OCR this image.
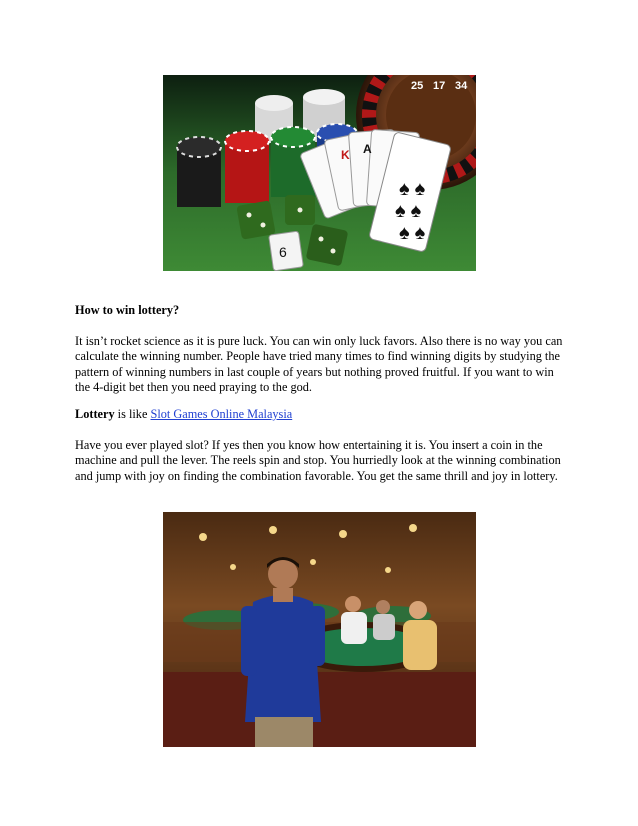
25 17 34
♠ ♠
♠ ♠
♠ ♠
K A
6
How to win lottery?

It isn’t rocket science as it is pure luck. You can win only luck favors. Also there is no way you can calculate the winning number. People have tried many times to find winning digits by studying the pattern of winning numbers in last couple of years but nothing proved fruitful. If you want to win the 4-digit bet then you need praying to the god.

Lottery is like Slot Games Online Malaysia

Have you ever played slot? If yes then you know how entertaining it is. You insert a coin in the machine and pull the lever. The reels spin and stop. You hurriedly look at the winning combination and jump with joy on finding the combination favorable. You get the same thrill and joy in lottery.
